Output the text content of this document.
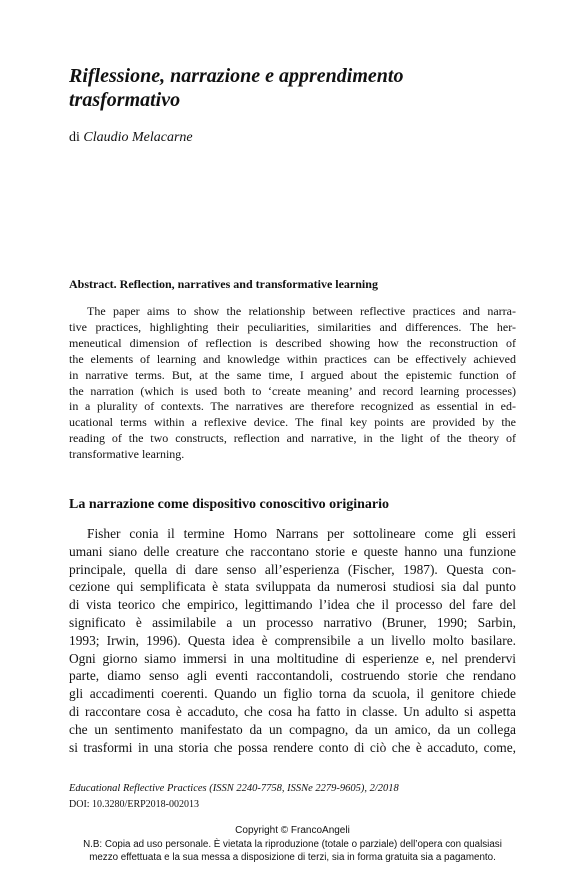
Riflessione, narrazione e apprendimento
trasformativo
di Claudio Melacarne
Abstract. Reflection, narratives and transformative learning
The paper aims to show the relationship between reflective practices and narra-
tive practices, highlighting their peculiarities, similarities and differences. The her-
meneutical dimension of reflection is described showing how the reconstruction of
the elements of learning and knowledge within practices can be effectively achieved
in narrative terms. But, at the same time, I argued about the epistemic function of
the narration (which is used both to ‘create meaning’ and record learning processes)
in a plurality of contexts. The narratives are therefore recognized as essential in ed-
ucational terms within a reflexive device. The final key points are provided by the
reading of the two constructs, reflection and narrative, in the light of the theory of
transformative learning.
La narrazione come dispositivo conoscitivo originario
Fisher conia il termine Homo Narrans per sottolineare come gli esseri
umani siano delle creature che raccontano storie e queste hanno una funzione
principale, quella di dare senso all’esperienza (Fischer, 1987). Questa con-
cezione qui semplificata è stata sviluppata da numerosi studiosi sia dal punto
di vista teorico che empirico, legittimando l’idea che il processo del fare del
significato è assimilabile a un processo narrativo (Bruner, 1990; Sarbin,
1993; Irwin, 1996). Questa idea è comprensibile a un livello molto basilare.
Ogni giorno siamo immersi in una moltitudine di esperienze e, nel prendervi
parte, diamo senso agli eventi raccontandoli, costruendo storie che rendano
gli accadimenti coerenti. Quando un figlio torna da scuola, il genitore chiede
di raccontare cosa è accaduto, che cosa ha fatto in classe. Un adulto si aspetta
che un sentimento manifestato da un compagno, da un amico, da un collega
si trasformi in una storia che possa rendere conto di ciò che è accaduto, come,
Educational Reflective Practices (ISSN 2240-7758, ISSNe 2279-9605), 2/2018
DOI: 10.3280/ERP2018-002013
Copyright © FrancoAngeli
N.B: Copia ad uso personale. È vietata la riproduzione (totale o parziale) dell’opera con qualsiasi
mezzo effettuata e la sua messa a disposizione di terzi, sia in forma gratuita sia a pagamento.
